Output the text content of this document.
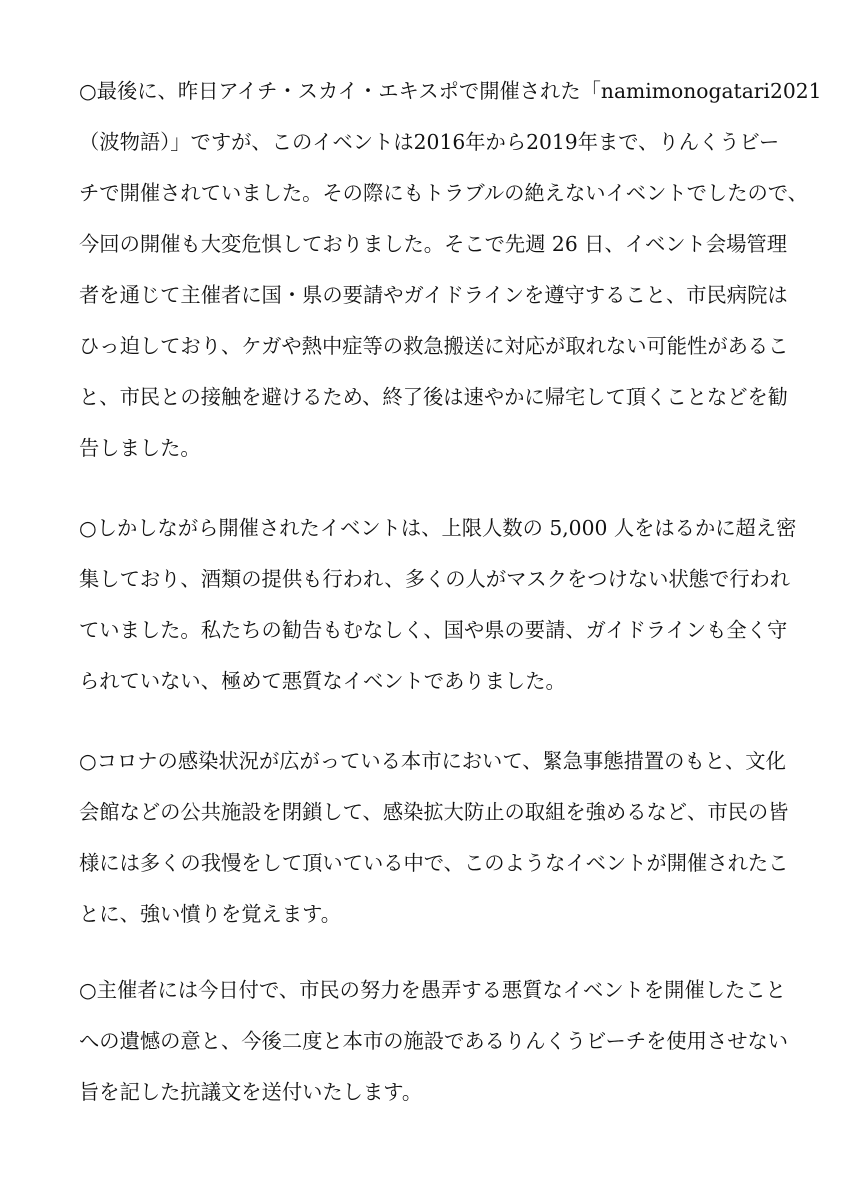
○最後に、昨日アイチ・スカイ・エキスポで開催された「namimonogatari2021
（波物語）」ですが、このイベントは2016年から2019年まで、りんくうビー
チで開催されていました。その際にもトラブルの絶えないイベントでしたので、
今回の開催も大変危惧しておりました。そこで先週 26 日、イベント会場管理
者を通じて主催者に国・県の要請やガイドラインを遵守すること、市民病院は
ひっ迫しており、ケガや熱中症等の救急搬送に対応が取れない可能性があるこ
と、市民との接触を避けるため、終了後は速やかに帰宅して頂くことなどを勧
告しました。
○しかしながら開催されたイベントは、上限人数の 5,000 人をはるかに超え密
集しており、酒類の提供も行われ、多くの人がマスクをつけない状態で行われ
ていました。私たちの勧告もむなしく、国や県の要請、ガイドラインも全く守
られていない、極めて悪質なイベントでありました。
○コロナの感染状況が広がっている本市において、緊急事態措置のもと、文化
会館などの公共施設を閉鎖して、感染拡大防止の取組を強めるなど、市民の皆
様には多くの我慢をして頂いている中で、このようなイベントが開催されたこ
とに、強い憤りを覚えます。
○主催者には今日付で、市民の努力を愚弄する悪質なイベントを開催したこと
への遺憾の意と、今後二度と本市の施設であるりんくうビーチを使用させない
旨を記した抗議文を送付いたします。
